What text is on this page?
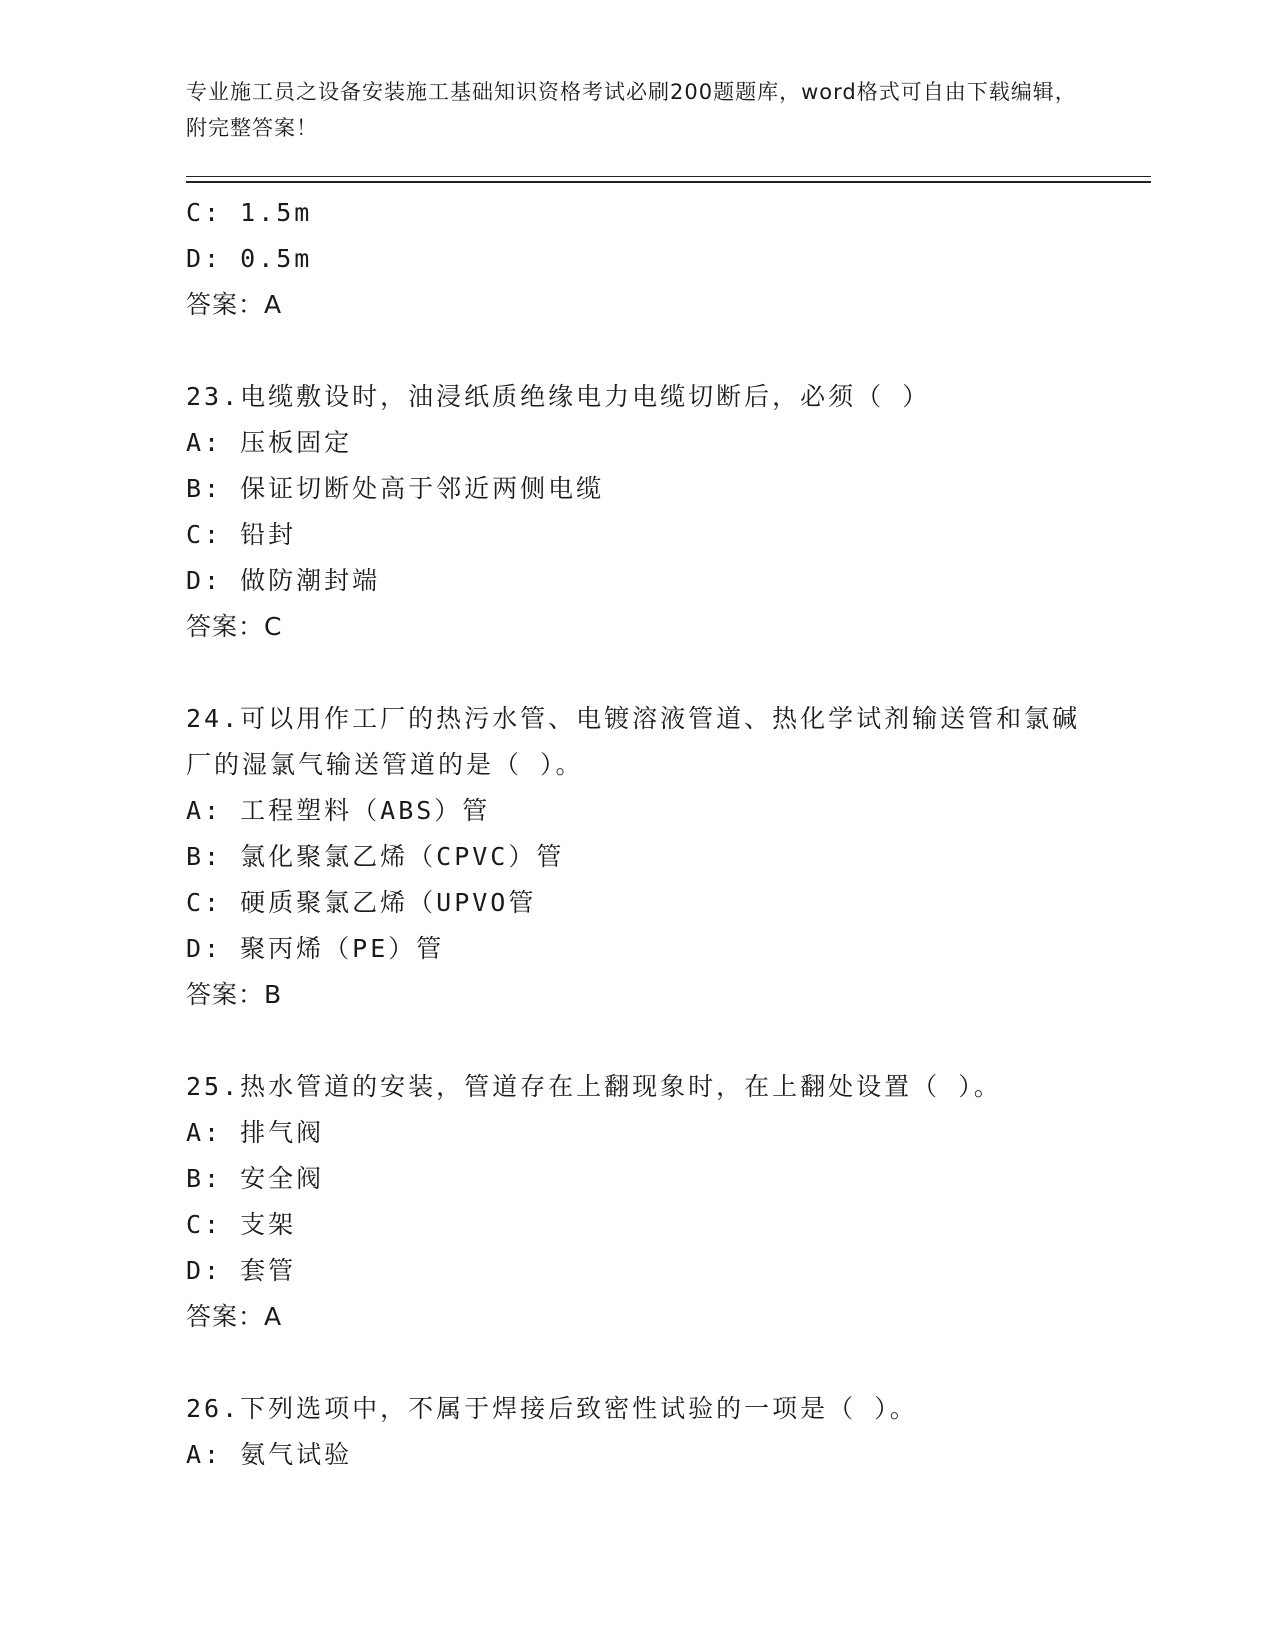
专业施工员之设备安装施工基础知识资格考试必刷200题题库，word格式可自由下载编辑，附完整答案！
C: 1.5m
D: 0.5m
答案：A
23.电缆敷设时，油浸纸质绝缘电力电缆切断后，必须（ ）
A: 压板固定
B: 保证切断处高于邻近两侧电缆
C: 铅封
D: 做防潮封端
答案：C
24.可以用作工厂的热污水管、电镀溶液管道、热化学试剂输送管和氯碱厂的湿氯气输送管道的是（ ）。
A: 工程塑料（ABS）管
B: 氯化聚氯乙烯（CPVC）管
C: 硬质聚氯乙烯（UPVO管
D: 聚丙烯（PE）管
答案：B
25.热水管道的安装，管道存在上翻现象时，在上翻处设置（ ）。
A: 排气阀
B: 安全阀
C: 支架
D: 套管
答案：A
26.下列选项中，不属于焊接后致密性试验的一项是（ ）。
A: 氨气试验
